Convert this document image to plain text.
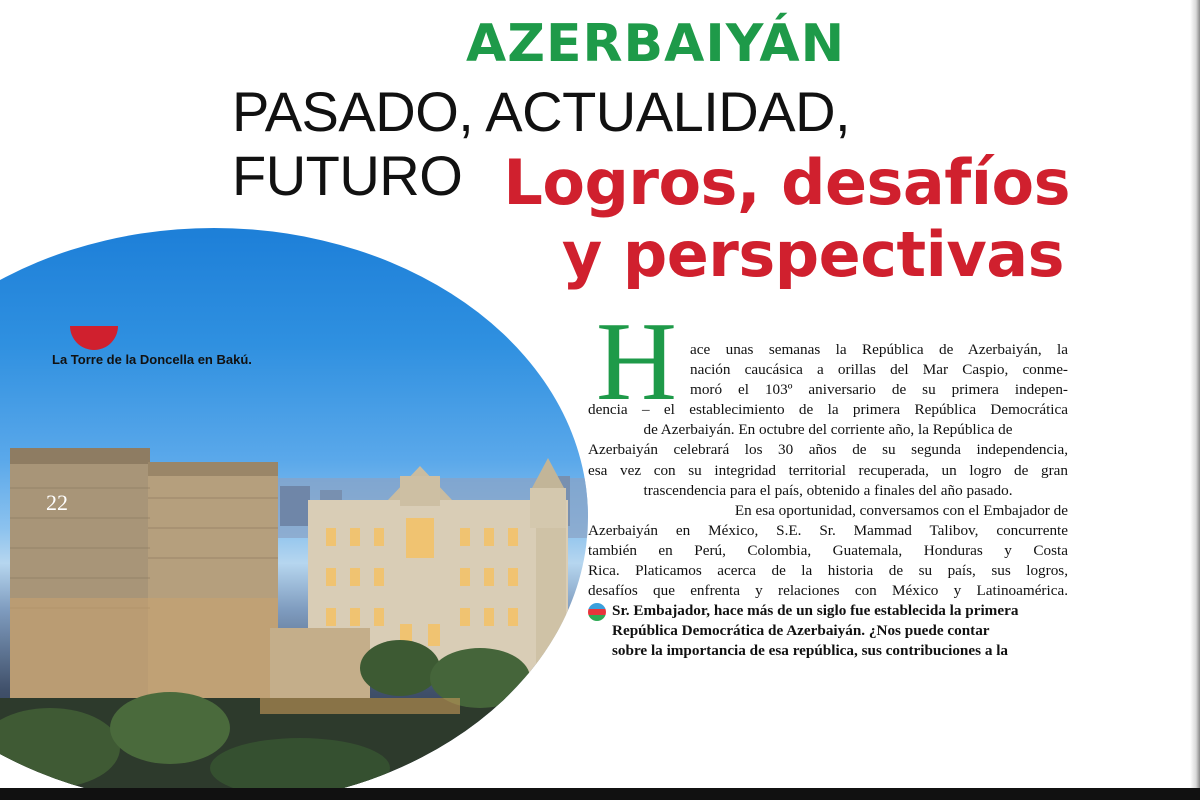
AZERBAIYÁN
PASADO, ACTUALIDAD, FUTURO Logros, desafíos
y perspectivas
La Torre de la Doncella en Bakú.
22
H ace unas semanas la República de Azerbaiyán, la
nación caucásica a orillas del Mar Caspio, conme-
moró el 103º aniversario de su primera indepen-
dencia – el establecimiento de la primera República Democrática
de Azerbaiyán. En octubre del corriente año, la República de
Azerbaiyán celebrará los 30 años de su segunda independencia,
esa vez con su integridad territorial recuperada, un logro de gran
trascendencia para el país, obtenido a finales del año pasado.
En esa oportunidad, conversamos con el Embajador de
Azerbaiyán en México, S.E. Sr. Mammad Talibov, concurrente
también en Perú, Colombia, Guatemala, Honduras y Costa
Rica. Platicamos acerca de la historia de su país, sus logros,
desafíos que enfrenta y relaciones con México y Latinoamérica.
Sr. Embajador, hace más de un siglo fue establecida la primera
República Democrática de Azerbaiyán. ¿Nos puede contar
sobre la importancia de esa república, sus contribuciones a la
